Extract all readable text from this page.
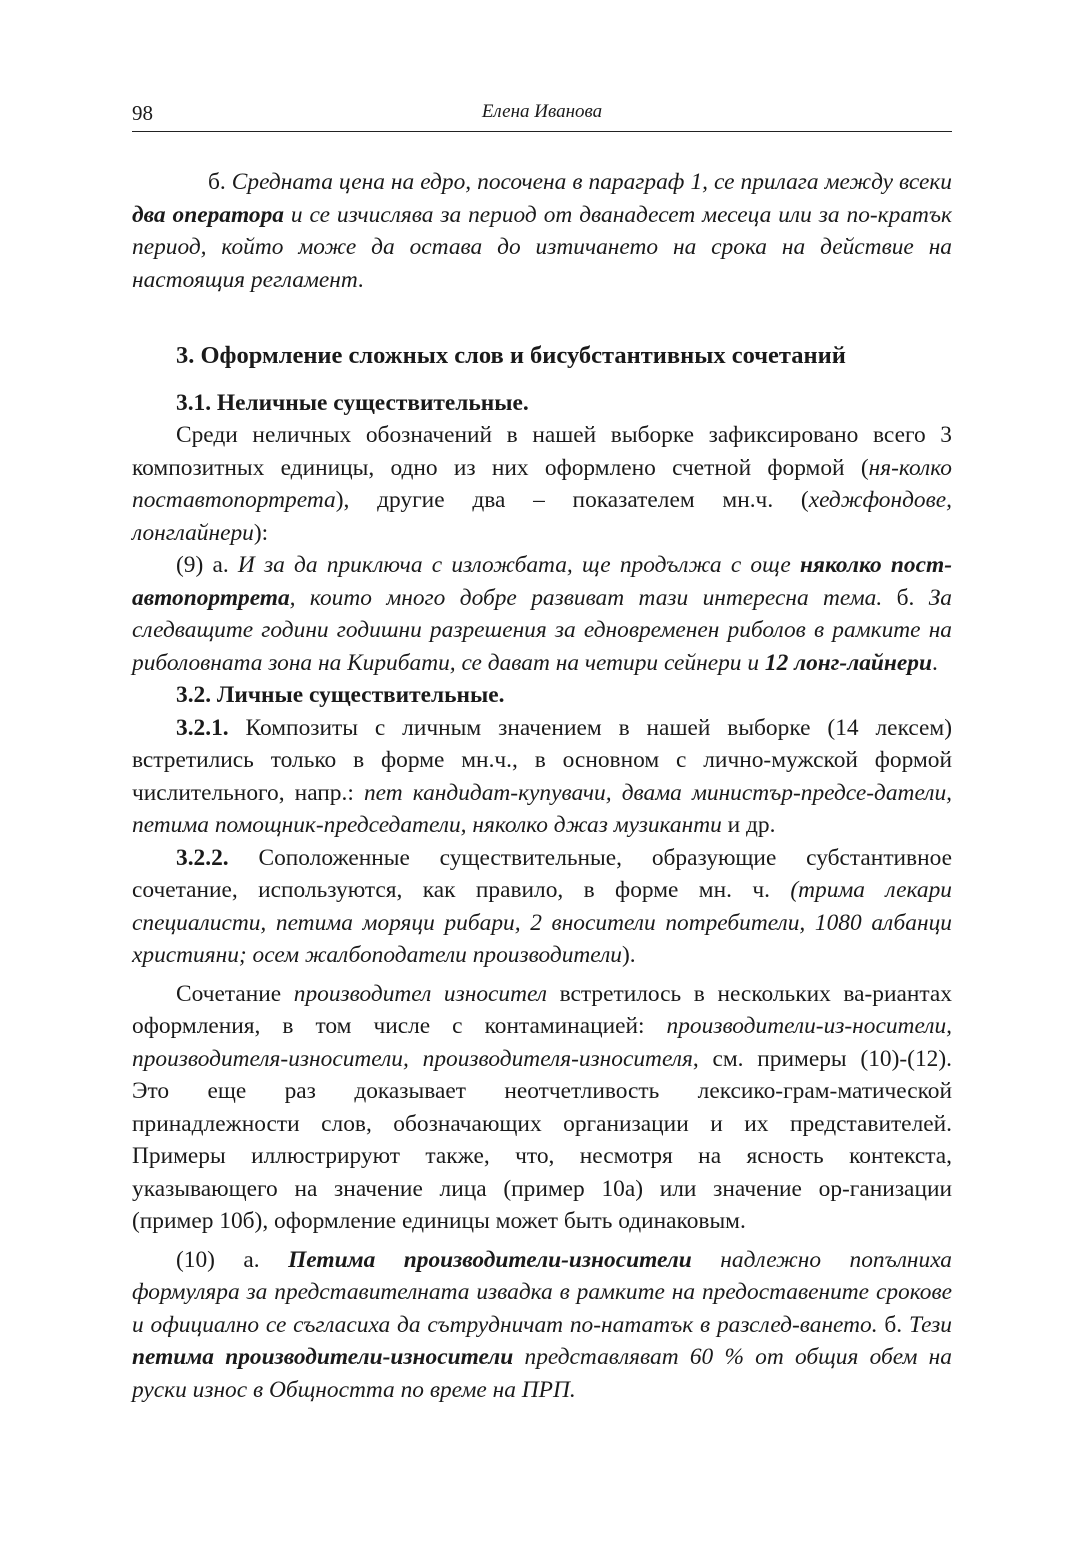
98	Елена Иванова

б. Средната цена на едро, посочена в параграф 1, се прилага между всеки два оператора и се изчислява за период от дванадесет месеца или за по-кратък период, който може да остава до изтичането на срока на действие на настоящия регламент.

3. Оформление сложных слов и бисубстантивных сочетаний

3.1. Неличные существительные.

Среди неличных обозначений в нашей выборке зафиксировано всего 3 композитных единицы, одно из них оформлено счетной формой (ня-колко поставтопортрета), другие два – показателем мн.ч. (хеджфондове, лонглайнери):

(9) а. И за да приключа с изложбата, ще продължа с още няколко пост-автопортрета, които много добре развиват тази интересна тема. б. За следващите години годишни разрешения за едновременен риболов в рамките на риболовната зона на Кирибати, се дават на четири сейнери и 12 лонг-лайнери.

3.2. Личные существительные.

3.2.1. Композиты с личным значением в нашей выборке (14 лексем) встретились только в форме мн.ч., в основном с лично-мужской формой числительного, напр.: пет кандидат-купувачи, двама министър-предсе-датели, петима помощник-председатели, няколко джаз музиканти и др.

3.2.2. Соположенные существительные, образующие субстантивное сочетание, используются, как правило, в форме мн. ч. (трима лекари специалисти, петима моряци рибари, 2 вносители потребители, 1080 албанци християни; осем жалбоподатели производители).

Сочетание производител износител встретилось в нескольких ва-риантах оформления, в том числе с контаминацией: производители-из-носители, производителя-износители, производителя-износителя, см. примеры (10)-(12). Это еще раз доказывает неотчетливость лексико-грам-матической принадлежности слов, обозначающих организации и их представителей. Примеры иллюстрируют также, что, несмотря на ясность контекста, указывающего на значение лица (пример 10а) или значение ор-ганизации (пример 10б), оформление единицы может быть одинаковым.

(10) а. Петима производители-износители надлежно попълниха формуляра за представителната извадка в рамките на предоставените срокове и официално се съгласиха да сътрудничат по-нататък в разслед-ването. б. Тези петима производители-износители представляват 60 % от общия обем на руски износ в Общността по време на ПРП.
